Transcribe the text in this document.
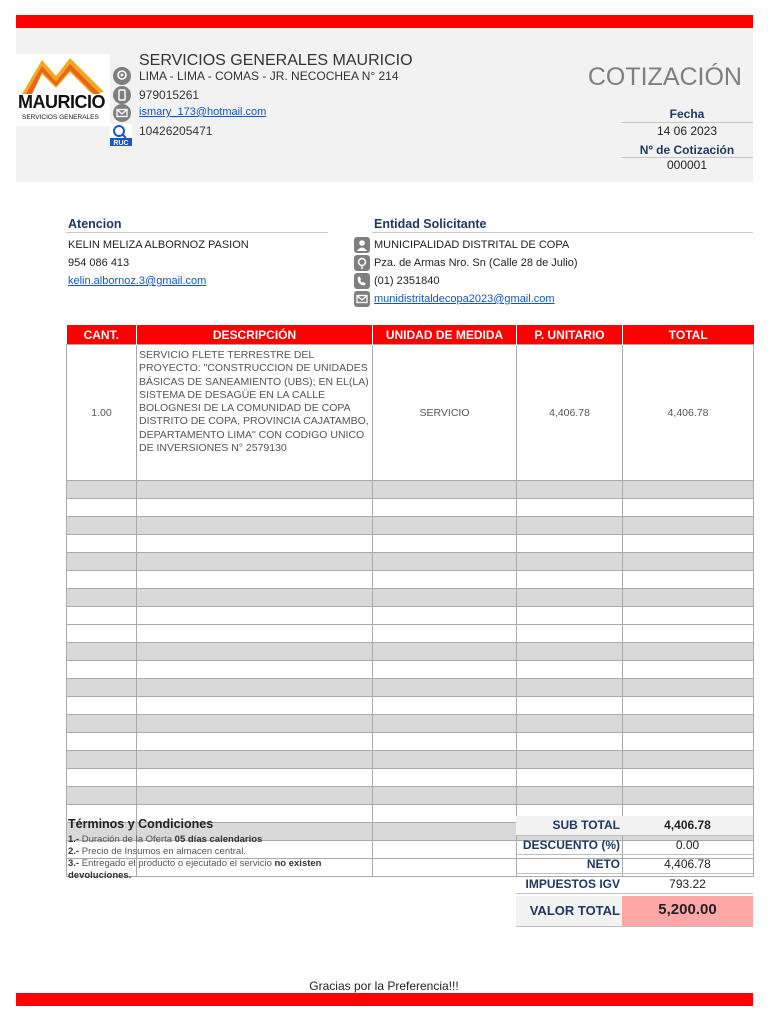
MAURICIO
SERVICIOS GENERALES
SERVICIOS GENERALES MAURICIO
LIMA - LIMA - COMAS - JR. NECOCHEA N° 214
979015261
ismary_173@hotmail.com
RUC
10426205471
COTIZACIÓN
Fecha
14 06 2023
Nº de Cotización
000001
Atencion
KELIN MELIZA ALBORNOZ PASION
954 086 413
kelin.albornoz.3@gmail.com
Entidad Solicitante
MUNICIPALIDAD DISTRITAL DE COPA
Pza. de Armas Nro. Sn (Calle 28 de Julio)
(01) 2351840
munidistritaldecopa2023@gmail.com
CANT.	DESCRIPCIÓN	UNIDAD DE MEDIDA	P. UNITARIO	TOTAL
1.00	SERVICIO FLETE TERRESTRE DEL PROYECTO: "CONSTRUCCION DE UNIDADES BÁSICAS DE SANEAMIENTO (UBS); EN EL(LA) SISTEMA DE DESAGÜE EN LA CALLE BOLOGNESI DE LA COMUNIDAD DE COPA DISTRITO DE COPA, PROVINCIA CAJATAMBO, DEPARTAMENTO LIMA" CON CODIGO UNICO DE INVERSIONES N° 2579130	SERVICIO	4,406.78	4,406.78

Términos y Condiciones
1.- Duración de la Oferta 05 días calendarios
2.- Precio de Insumos en almacen central.
3.- Entregado el producto o ejecutado el servicio no existen devoluciones.
SUB TOTAL	4,406.78
DESCUENTO (%)	0.00
NETO	4,406.78
IMPUESTOS IGV	793.22
VALOR TOTAL	5,200.00
Gracias por la Preferencia!!!
